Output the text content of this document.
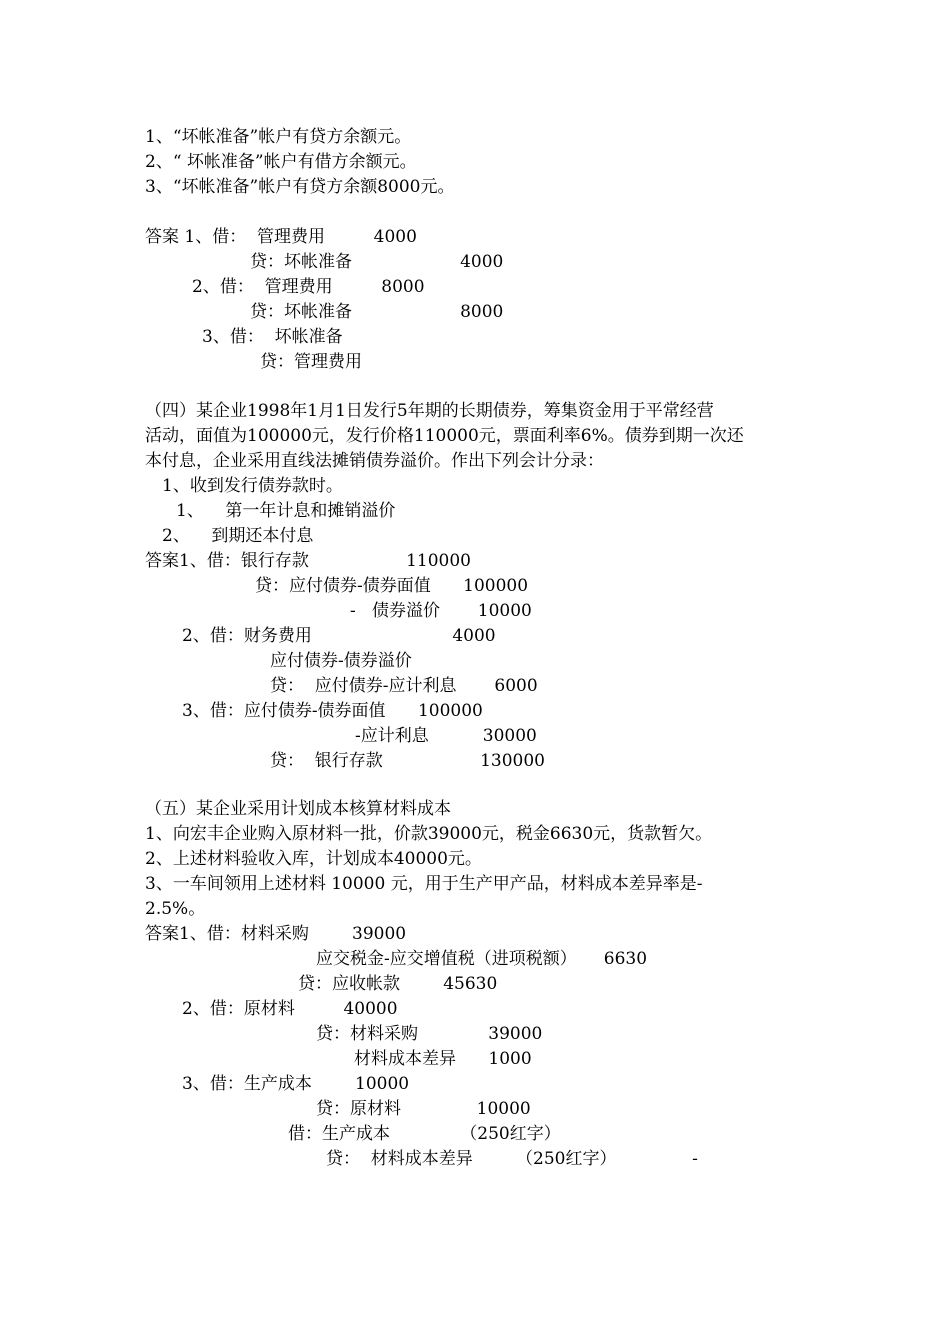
1、“坏帐准备”帐户有贷方余额元。
2、“ 坏帐准备”帐户有借方余额元。
3、“坏帐准备”帐户有贷方余额8000元。
答案 1、借：  管理费用         4000
贷：坏帐准备                    4000
2、借：  管理费用         8000
贷：坏帐准备                    8000
3、借：  坏帐准备
贷：管理费用
（四）某企业1998年1月1日发行5年期的长期债券，筹集资金用于平常经营
活动，面值为100000元，发行价格110000元，票面利率6%。债券到期一次还
本付息，企业采用直线法摊销债券溢价。作出下列会计分录：
1、收到发行债券款时。
1、    第一年计息和摊销溢价
2、    到期还本付息
答案1、借：银行存款                  110000
贷：应付债券-债券面值      100000
-   债券溢价       10000
2、借：财务费用                          4000
应付债券-债券溢价
贷：  应付债券-应计利息       6000
3、借：应付债券-债券面值      100000
-应计利息          30000
贷：  银行存款                  130000
（五）某企业采用计划成本核算材料成本
1、向宏丰企业购入原材料一批，价款39000元，税金6630元，货款暂欠。
2、上述材料验收入库，计划成本40000元。
3、一车间领用上述材料 10000 元，用于生产甲产品，材料成本差异率是-
2.5%。
答案1、借：材料采购        39000
应交税金-应交增值税（进项税额）     6630
贷：应收帐款        45630
2、借：原材料         40000
贷：材料采购             39000
材料成本差异      1000
3、借：生产成本        10000
贷：原材料              10000
借：生产成本             （250红字）
贷：  材料成本差异        （250红字）              -
